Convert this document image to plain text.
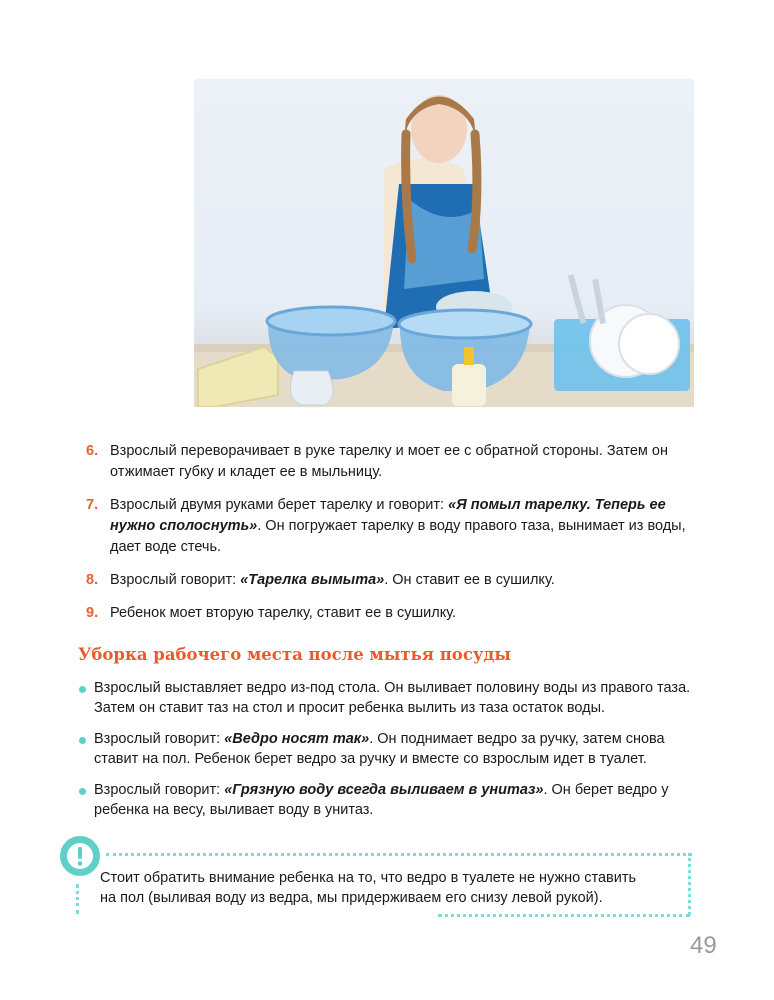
6. Взрослый переворачивает в руке тарелку и моет ее с обратной стороны. Затем он отжимает губку и кладет ее в мыльницу.
7. Взрослый двумя руками берет тарелку и говорит: «Я помыл тарелку. Теперь ее нужно сполоснуть». Он погружает тарелку в воду правого таза, вынимает из воды, дает воде стечь.
8. Взрослый говорит: «Тарелка вымыта». Он ставит ее в сушилку.
9. Ребенок моет вторую тарелку, ставит ее в сушилку.
Уборка рабочего места после мытья посуды
Взрослый выставляет ведро из-под стола. Он выливает половину воды из правого таза. Затем он ставит таз на стол и просит ребенка вылить из таза остаток воды.
Взрослый говорит: «Ведро носят так». Он поднимает ведро за ручку, затем снова ставит на пол. Ребенок берет ведро за ручку и вместе со взрослым идет в туалет.
Взрослый говорит: «Грязную воду всегда выливаем в унитаз». Он берет ведро у ребенка на весу, выливает воду в унитаз.
Стоит обратить внимание ребенка на то, что ведро в туалете не нужно ставить
на пол (выливая воду из ведра, мы придерживаем его снизу левой рукой).
49
